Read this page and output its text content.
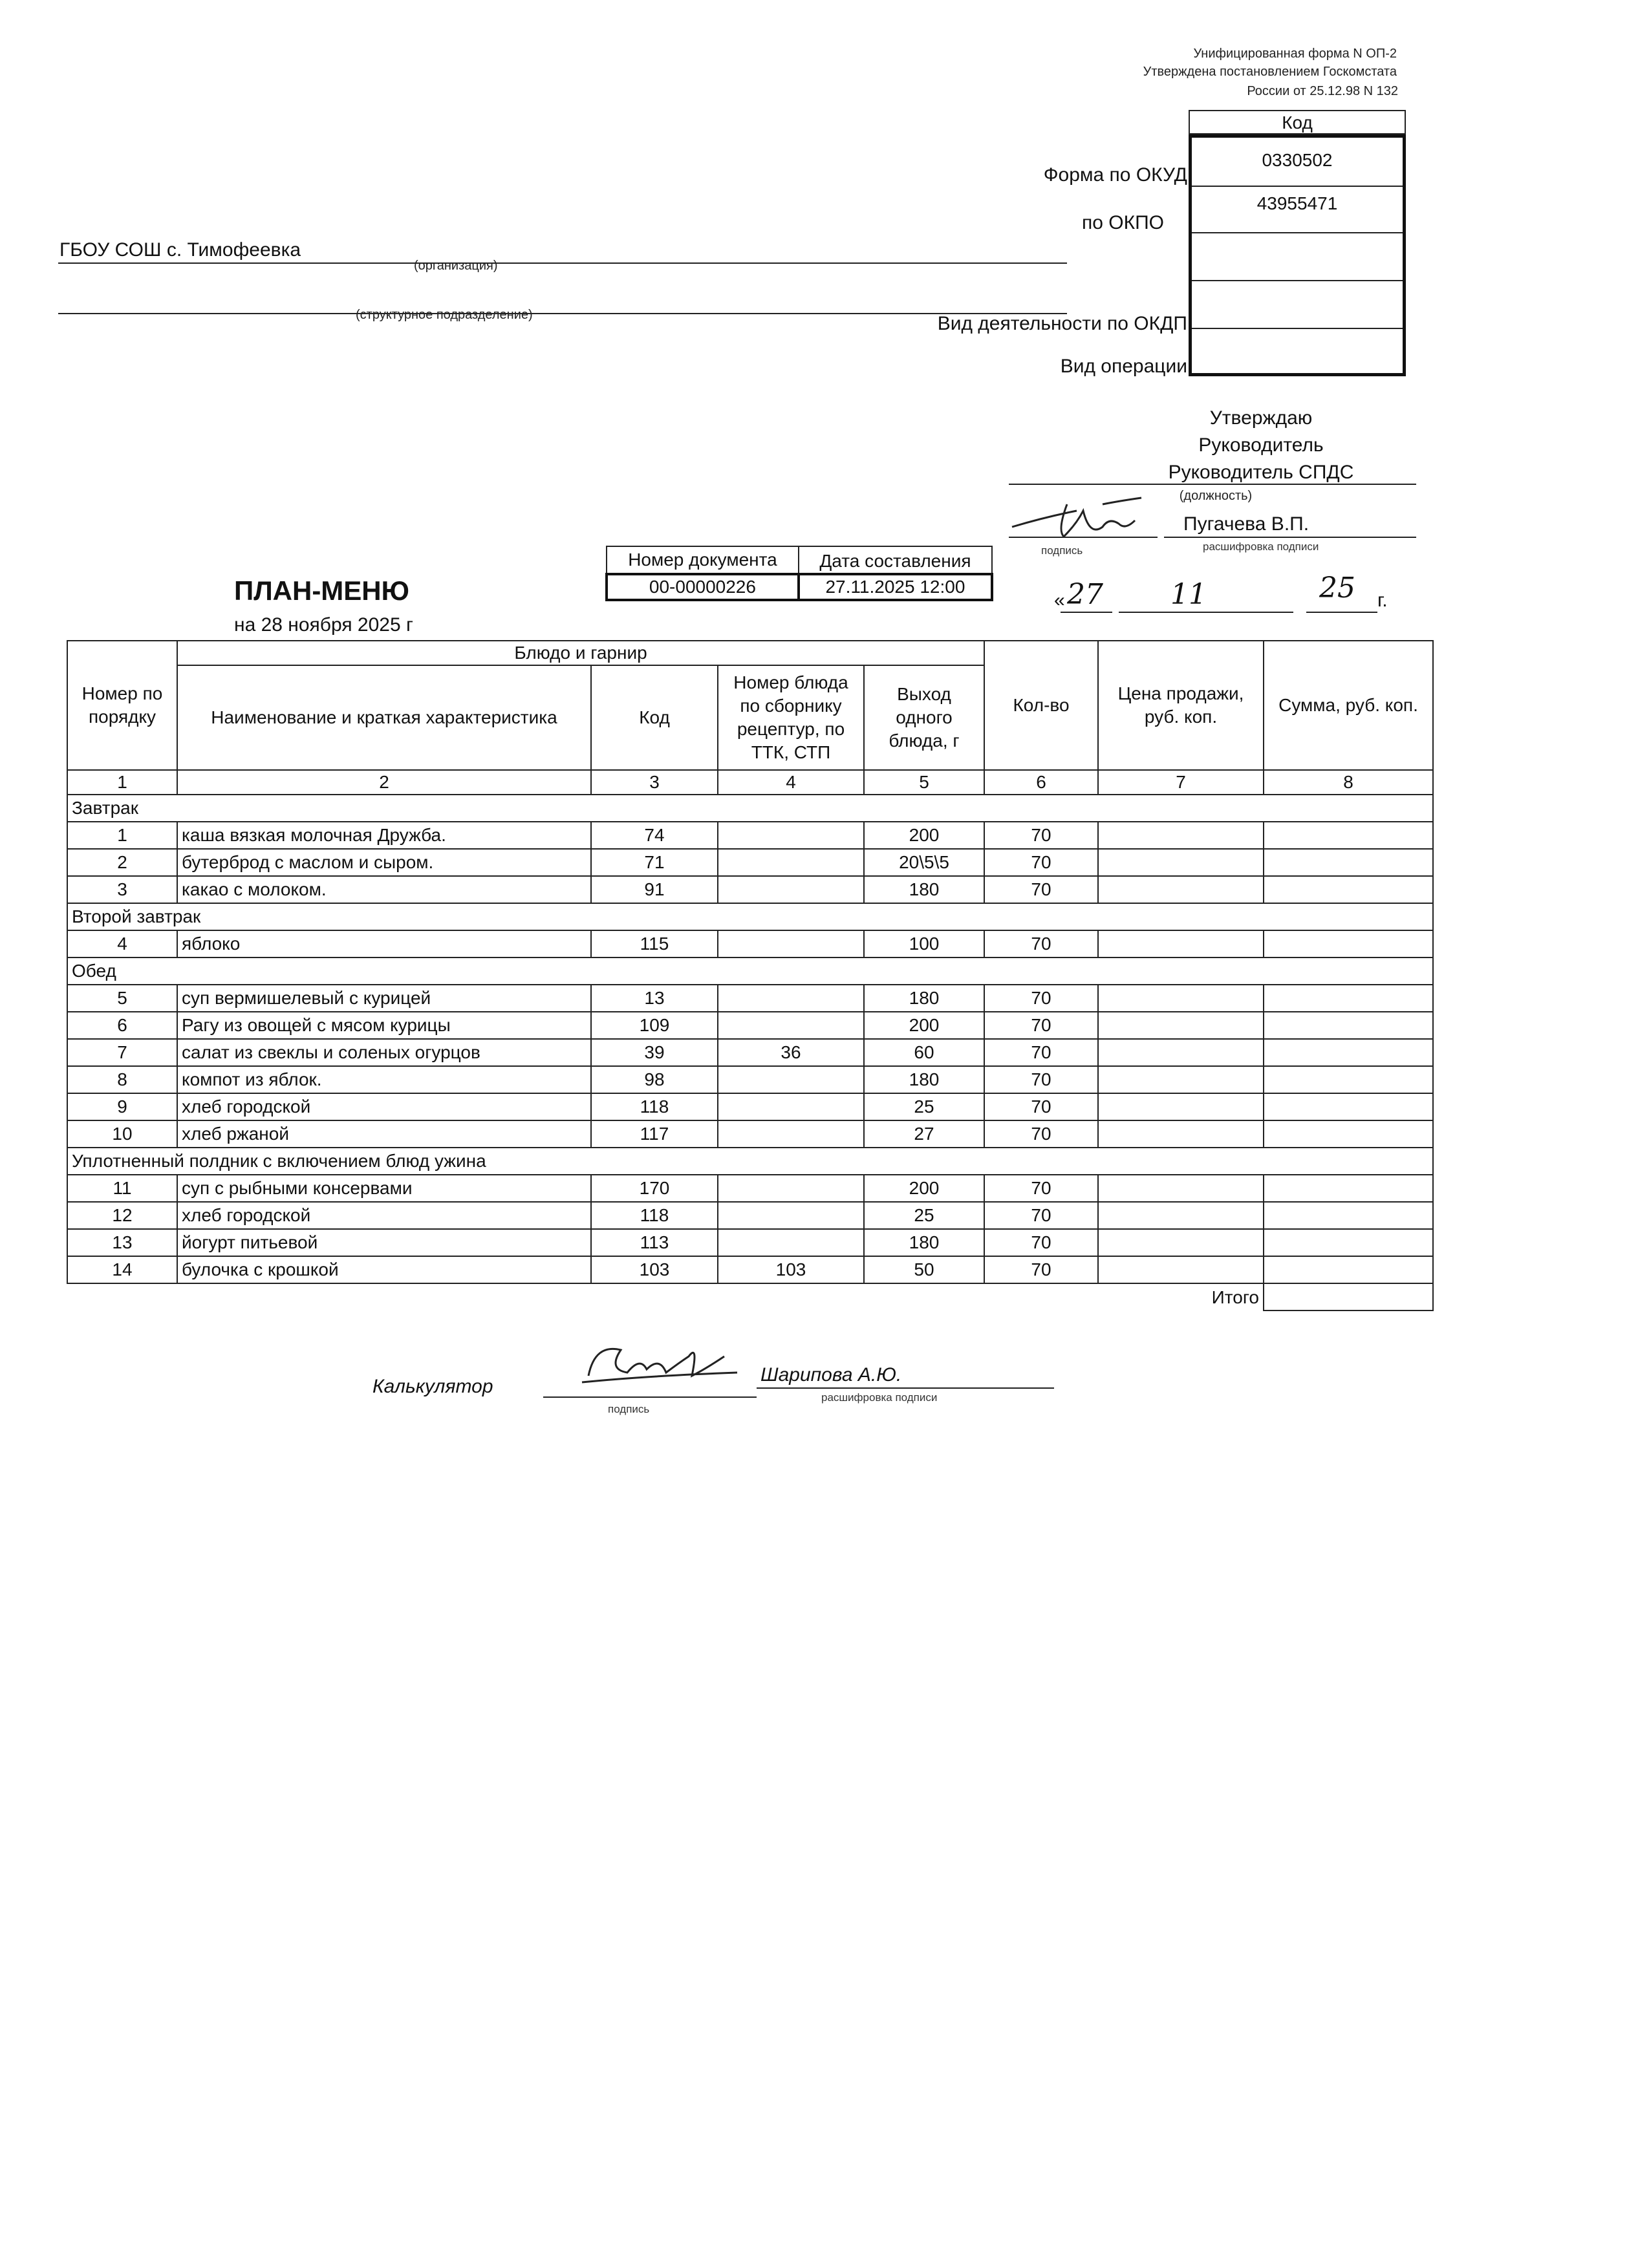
Унифицированная форма N ОП-2
Утверждена постановлением Госкомстата
России от 25.12.98 N 132
Код
0330502
43955471
Форма по ОКУД
по ОКПО
Вид деятельности по ОКДП
Вид операции
ГБОУ СОШ с. Тимофеевка
(организация)
(структурное подразделение)
Утверждаю
Руководитель
Руководитель СПДС
(должность)
подпись
Пугачева В.П.
расшифровка подписи
« 27 11	25 г.
ПЛАН-МЕНЮ
на 28 ноября 2025 г
Номер документа	Дата составления
00-00000226	27.11.2025 12:00
Номер по порядку	Блюдо и гарнир				Кол-во	Цена продажи, руб. коп.	Сумма, руб. коп.
	Наименование и краткая характеристика	Код	Номер блюда по сборнику рецептур, по ТТК, СТП	Выход одного блюда, г			
1	2	3	4	5	6	7	8
Завтрак							
1	каша вязкая молочная Дружба.	74		200	70		
2	бутерброд с маслом и сыром.	71		20\5\5	70		
3	какао с молоком.	91		180	70		
Второй завтрак							
4	яблоко	115		100	70		
Обед							
5	суп вермишелевый с курицей	13		180	70		
6	Рагу из овощей с мясом курицы	109		200	70		
7	салат из свеклы и соленых огурцов	39	36	60	70		
8	компот из яблок.	98		180	70		
9	хлеб городской	118		25	70		
10	хлеб ржаной	117		27	70		
Уплотненный полдник с включением блюд ужина							
11	суп с рыбными консервами	170		200	70		
12	хлеб городской	118		25	70		
13	йогурт питьевой	113		180	70		
14	булочка с крошкой	103	103	50	70		
Итого							
Калькулятор
подпись
Шарипова А.Ю.
расшифровка подписи
